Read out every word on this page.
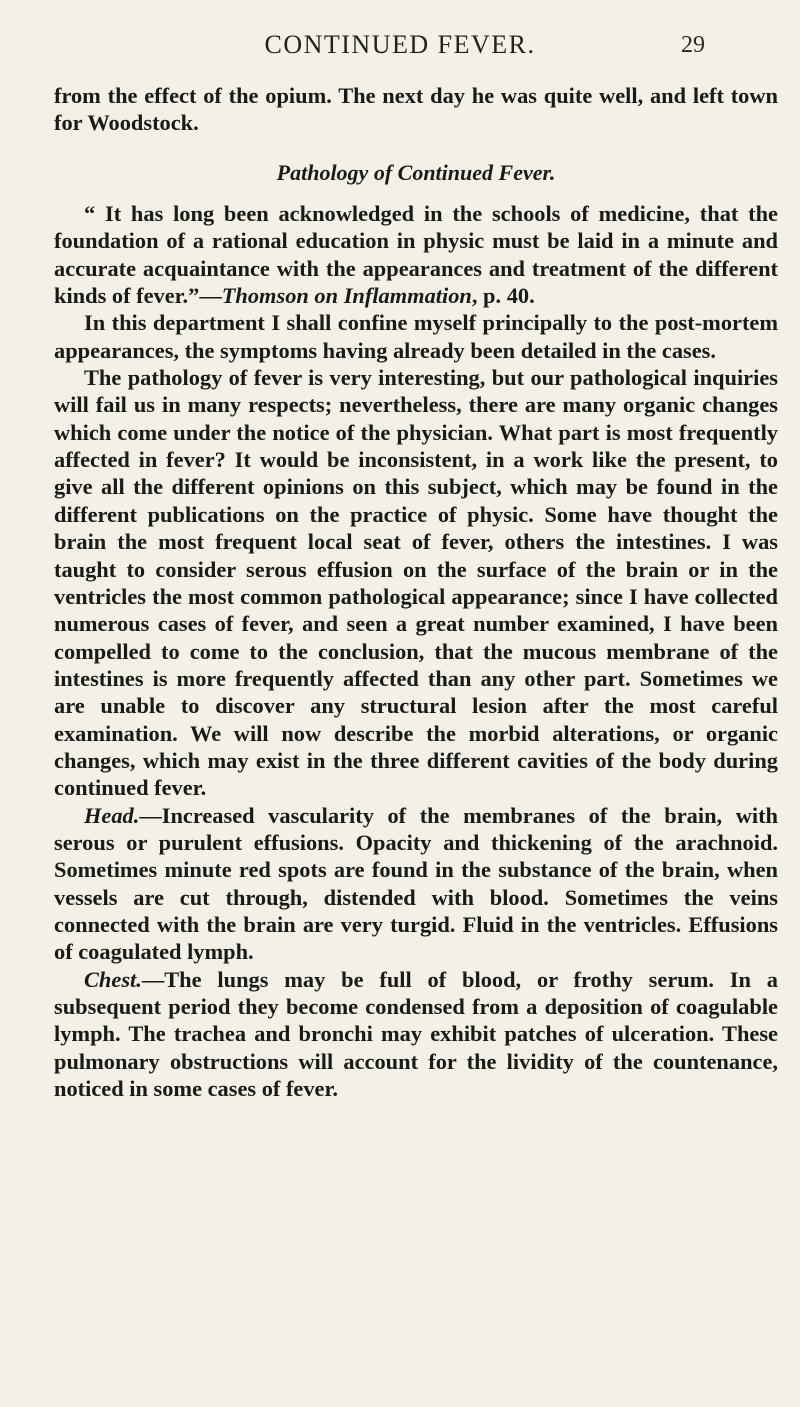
CONTINUED FEVER.	29

from the effect of the opium. The next day he was quite well, and left town for Woodstock.

Pathology of Continued Fever.

“ It has long been acknowledged in the schools of medicine, that the foundation of a rational education in physic must be laid in a minute and accurate acquaintance with the appearances and treatment of the different kinds of fever.”—Thomson on Inflammation, p. 40.

In this department I shall confine myself principally to the post-mortem appearances, the symptoms having already been detailed in the cases.

The pathology of fever is very interesting, but our pathological inquiries will fail us in many respects; nevertheless, there are many organic changes which come under the notice of the physician. What part is most frequently affected in fever? It would be inconsistent, in a work like the present, to give all the different opinions on this subject, which may be found in the different publications on the practice of physic. Some have thought the brain the most frequent local seat of fever, others the intestines. I was taught to consider serous effusion on the surface of the brain or in the ventricles the most common pathological appearance; since I have collected numerous cases of fever, and seen a great number examined, I have been compelled to come to the conclusion, that the mucous membrane of the intestines is more frequently affected than any other part. Sometimes we are unable to discover any structural lesion after the most careful examination. We will now describe the morbid alterations, or organic changes, which may exist in the three different cavities of the body during continued fever.

Head.—Increased vascularity of the membranes of the brain, with serous or purulent effusions. Opacity and thickening of the arachnoid. Sometimes minute red spots are found in the substance of the brain, when vessels are cut through, distended with blood. Sometimes the veins connected with the brain are very turgid. Fluid in the ventricles. Effusions of coagulated lymph.

Chest.—The lungs may be full of blood, or frothy serum. In a subsequent period they become condensed from a deposition of coagulable lymph. The trachea and bronchi may exhibit patches of ulceration. These pulmonary obstructions will account for the lividity of the countenance, noticed in some cases of fever.
